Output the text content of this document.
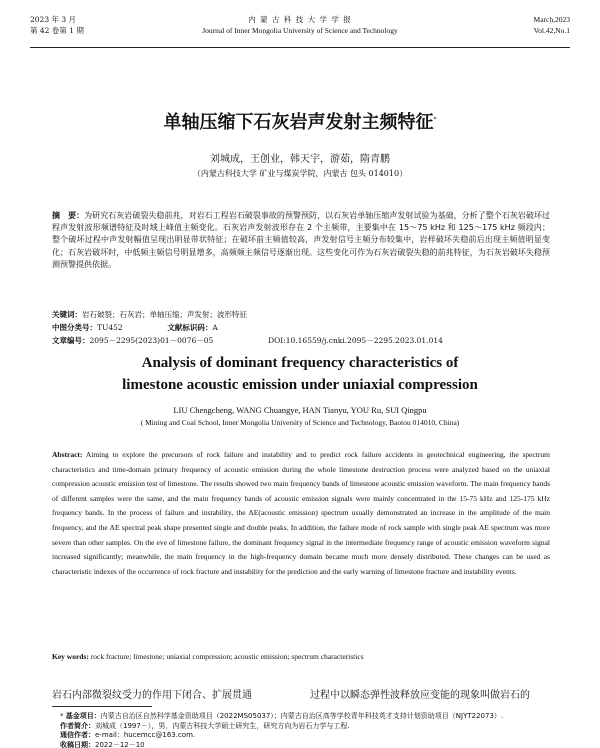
2023 年 3 月
第 42 卷第 1 期
内 蒙 古 科 技 大 学 学 报
Journal of Inner Mongolia University of Science and Technology
March,2023
Vol.42,No.1
单轴压缩下石灰岩声发射主频特征*
刘城成，王创业，韩天宇，游茹，隋青鹏
（内蒙古科技大学 矿业与煤炭学院，内蒙古 包头 014010）
摘　要：为研究石灰岩破裂失稳前兆，对岩石工程岩石破裂事故的预警预防，以石灰岩单轴压缩声发射试验为基础，分析了整个石灰岩破坏过程声发射波形频谱特征及时域上峰值主频变化。石灰岩声发射波形存在 2 个主频带，主要集中在 15～75 kHz 和 125～175 kHz 频段内；整个破坏过程中声发射幅值呈现出明显带状特征；在破坏前主频值较高，声发射信号主频分布较集中，岩样破坏失稳前后出现主频值明显变化；石灰岩破坏时，中低频主频信号明显增多，高频频主频信号逐渐出现。这些变化可作为石灰岩破裂失稳的前兆特征，为石灰岩破坏失稳预测预警提供依据。
关键词：岩石破裂；石灰岩；单轴压缩；声发射；波形特征
中图分类号：TU452	文献标识码：A
文章编号：2095－2295(2023)01－0076－05	DOI:10.16559/j.cnki.2095－2295.2023.01.014
Analysis of dominant frequency characteristics of
limestone acoustic emission under uniaxial compression
LIU Chengcheng, WANG Chuangye, HAN Tianyu, YOU Ru, SUI Qingpu
( Mining and Coal School, Inner Mongolia University of Science and Technology, Baotou 014010, China)
Abstract: Aiming to explore the precursors of rock failure and instability and to predict rock failure accidents in geotechnical engineering, the spectrum characteristics and time-domain primary frequency of acoustic emission during the whole limestone destruction process were analyzed based on the uniaxial compression acoustic emission test of limestone. The results showed two main frequency bands of limestone acoustic emission waveform. The main frequency bands of different samples were the same, and the main frequency bands of acoustic emission signals were mainly concentrated in the 15-75 kHz and 125-175 kHz frequency bands. In the process of failure and instability, the AE(acoustic emission) spectrum usually demonstrated an increase in the amplitude of the main frequency, and the AE spectral peak shape presented single and double peaks. In addition, the failure mode of rock sample with single peak AE spectrum was more severe than other samples. On the eve of limestone failure, the dominant frequency signal in the intermediate frequency range of acoustic emission waveform signal increased significantly; meanwhile, the main frequency in the high-frequency domain became much more densely distributed. These changes can be used as characteristic indexes of the occurrence of rock fracture and instability for the prediction and the early warning of limestone fracture and instability events.
Key words: rock fracture; limestone; uniaxial compression; acoustic emission; spectrum characteristics
岩石内部微裂纹受力的作用下闭合、扩展贯通	过程中以瞬态弹性波释放应变能的现象叫做岩石的
* 基金项目：内蒙古自治区自然科学基金资助项目（2022MS05037）；内蒙古自治区高等学校青年科技英才支持计划资助项目（NJYT22073）.
作者简介：刘城成（1997－），男，内蒙古科技大学硕士研究生，研究方向为岩石力学与工程.
通信作者：e-mail：hucemcc@163.com.
收稿日期：2022－12－10
